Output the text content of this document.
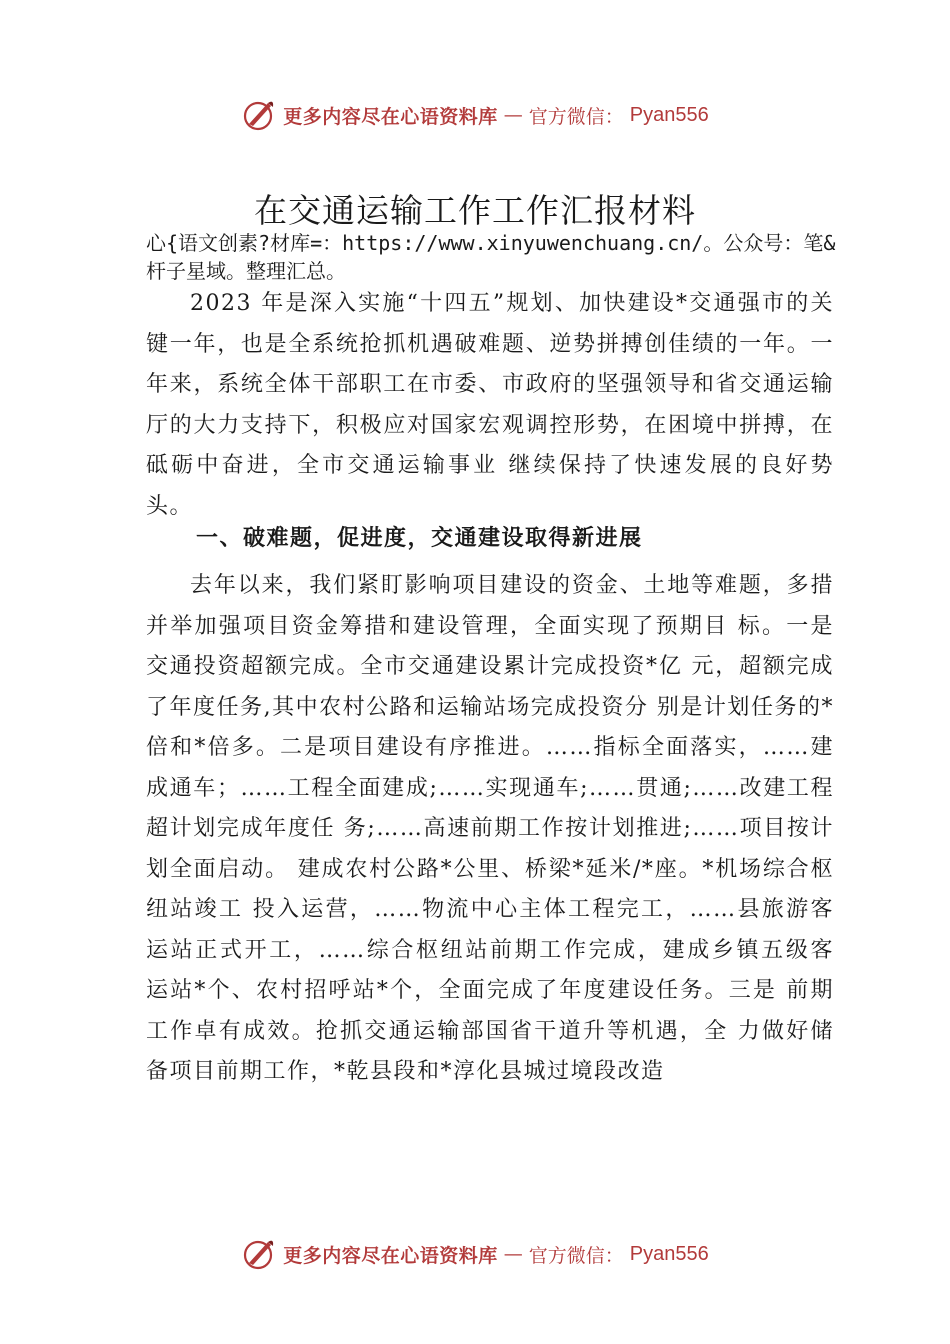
更多内容尽在心语资料库 — 官方微信： Pyan556
在交通运输工作工作汇报材料
心{语文创素?材库=：https://www.xinyuwenchuang.cn/。公众号：笔&杆子星域。整理汇总。

2023 年是深入实施“十四五”规划、加快建设*交通强市的关键一年，也是全系统抢抓机遇破难题、逆势拼搏创佳绩的一年。一年来，系统全体干部职工在市委、市政府的坚强领导和省交通运输厅的大力支持下，积极应对国家宏观调控形势，在困境中拼搏，在砥砺中奋进，全市交通运输事业 继续保持了快速发展的良好势头。

一、破难题，促进度，交通建设取得新进展

去年以来，我们紧盯影响项目建设的资金、土地等难题，多措并举加强项目资金筹措和建设管理，全面实现了预期目 标。一是交通投资超额完成。全市交通建设累计完成投资*亿 元，超额完成了年度任务,其中农村公路和运输站场完成投资分 别是计划任务的*倍和*倍多。二是项目建设有序推进。……指标全面落实，……建成通车；……工程全面建成;……实现通车;……贯通;……改建工程超计划完成年度任 务;……高速前期工作按计划推进;……项目按计划全面启动。 建成农村公路*公里、桥梁*延米/*座。*机场综合枢纽站竣工 投入运营，……物流中心主体工程完工，……县旅游客运站正式开工，……综合枢纽站前期工作完成，建成乡镇五级客 运站*个、农村招呼站*个，全面完成了年度建设任务。三是 前期工作卓有成效。抢抓交通运输部国省干道升等机遇，全 力做好储备项目前期工作，*乾县段和*淳化县城过境段改造

更多内容尽在心语资料库 — 官方微信： Pyan556
